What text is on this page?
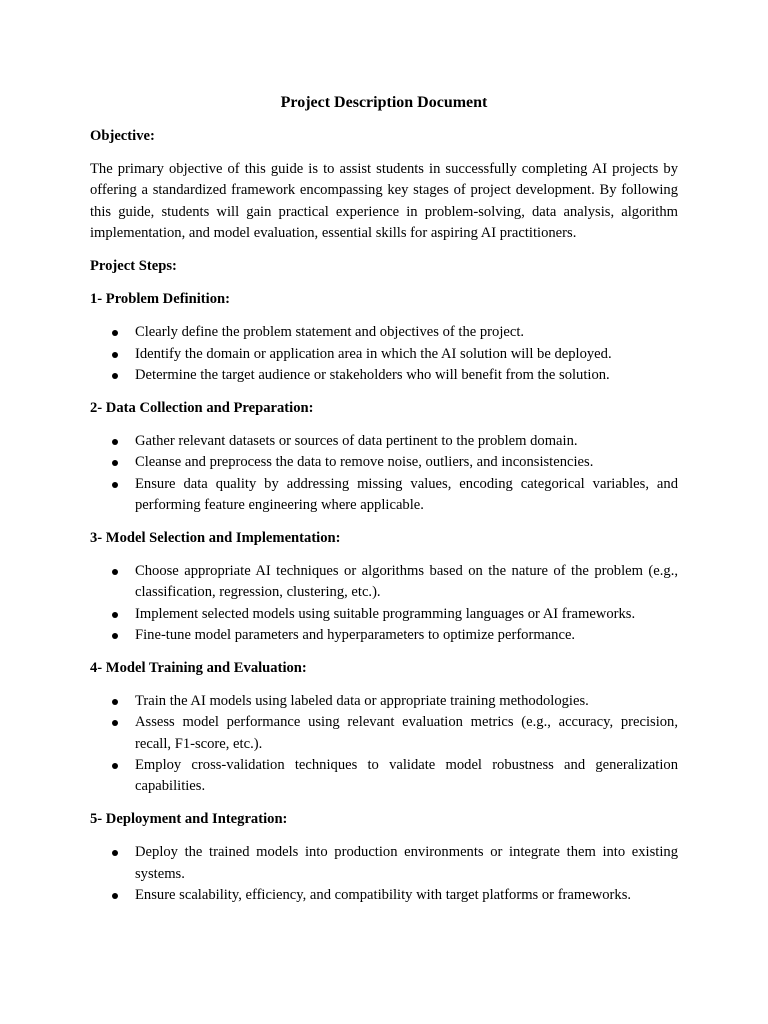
Project Description Document
Objective:
The primary objective of this guide is to assist students in successfully completing AI projects by offering a standardized framework encompassing key stages of project development. By following this guide, students will gain practical experience in problem-solving, data analysis, algorithm implementation, and model evaluation, essential skills for aspiring AI practitioners.
Project Steps:
1- Problem Definition:
Clearly define the problem statement and objectives of the project.
Identify the domain or application area in which the AI solution will be deployed.
Determine the target audience or stakeholders who will benefit from the solution.
2- Data Collection and Preparation:
Gather relevant datasets or sources of data pertinent to the problem domain.
Cleanse and preprocess the data to remove noise, outliers, and inconsistencies.
Ensure data quality by addressing missing values, encoding categorical variables, and performing feature engineering where applicable.
3- Model Selection and Implementation:
Choose appropriate AI techniques or algorithms based on the nature of the problem (e.g., classification, regression, clustering, etc.).
Implement selected models using suitable programming languages or AI frameworks.
Fine-tune model parameters and hyperparameters to optimize performance.
4- Model Training and Evaluation:
Train the AI models using labeled data or appropriate training methodologies.
Assess model performance using relevant evaluation metrics (e.g., accuracy, precision, recall, F1-score, etc.).
Employ cross-validation techniques to validate model robustness and generalization capabilities.
5- Deployment and Integration:
Deploy the trained models into production environments or integrate them into existing systems.
Ensure scalability, efficiency, and compatibility with target platforms or frameworks.
